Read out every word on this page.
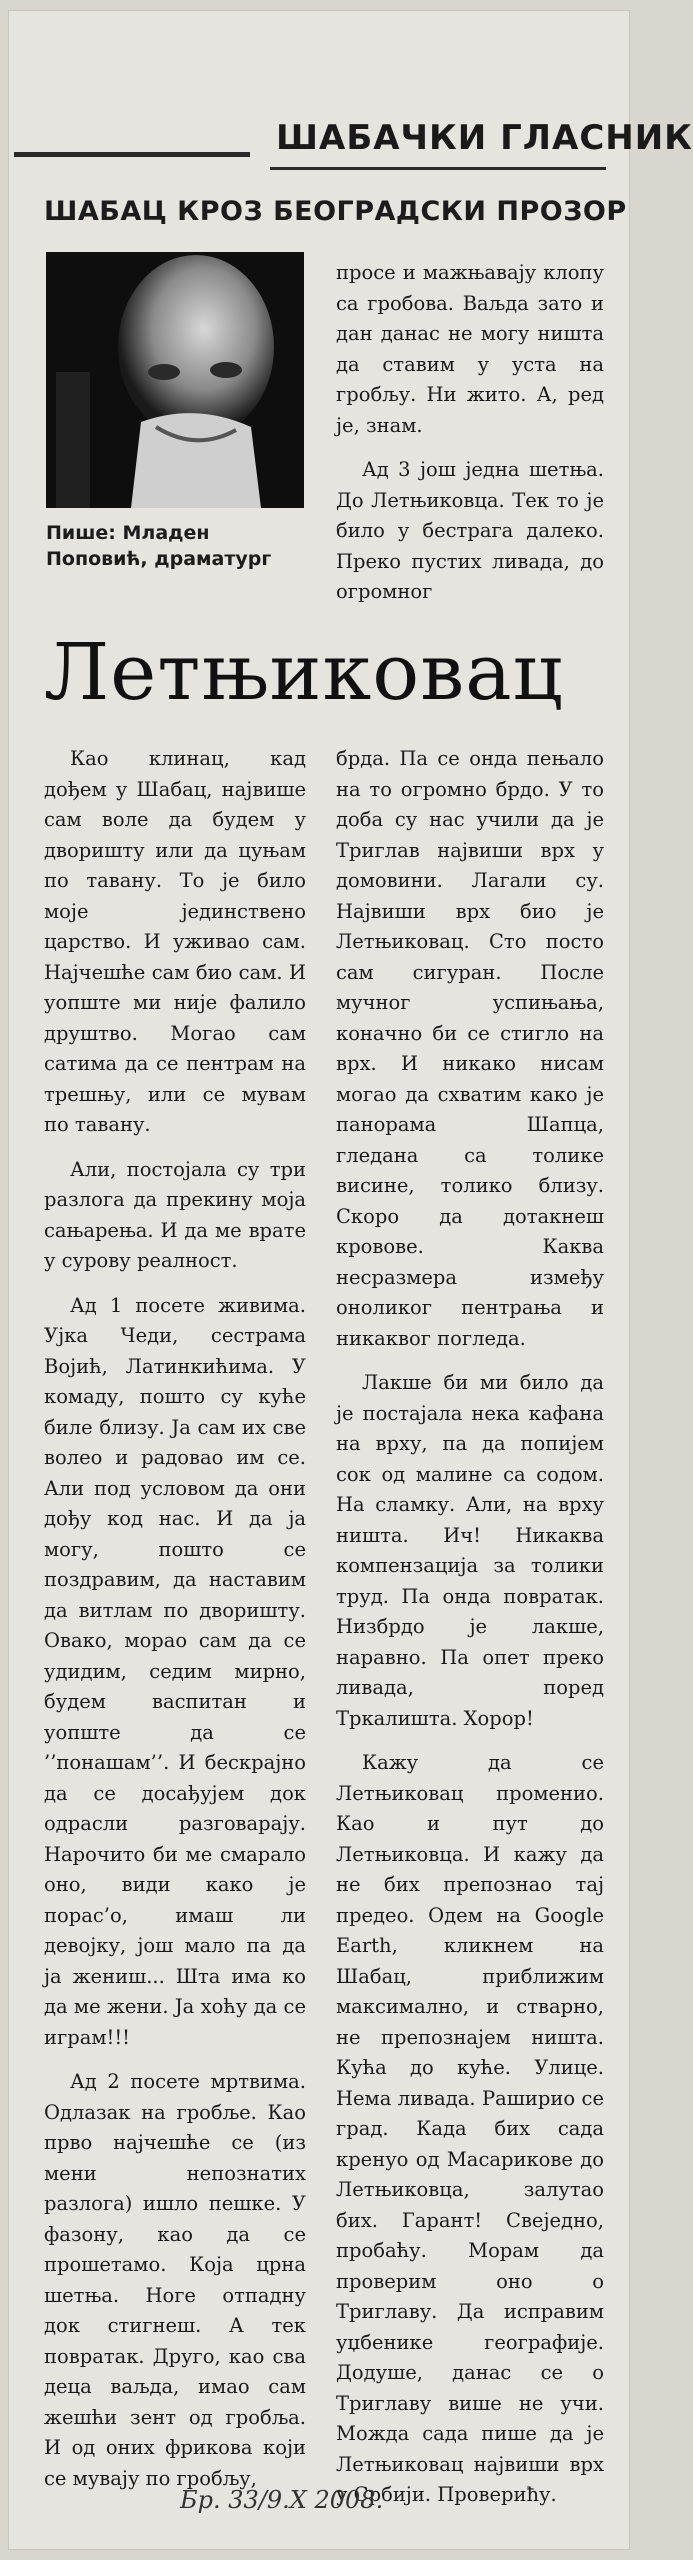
ШАБАЧКИ ГЛАСНИК
ШАБАЦ КРОЗ БЕОГРАДСКИ ПРОЗОР
Пише: Младен Поповић, драматург

просе и мажњавају клопу са гробова. Ваљда зато и дан данас не могу ништа да ставим у уста на гробљу. Ни жито. А, ред је, знам.

Ад 3 још једна шетња. До Летњиковца. Тек то је било у бестрага далеко. Преко пустих ливада, до огромног

Летњиковац

Као клинац, кад дођем у Шабац, највише сам воле да будем у дворишту или да цуњам по тавану. То је било моје јединствено царство. И уживао сам. Најчешће сам био сам. И уопште ми није фалило друштво. Могао сам сатима да се пентрам на трешњу, или се мувам по тавану.

Али, постојала су три разлога да прекину моја сањарења. И да ме врате у сурову реалност.

Ад 1 посете живима. Ујка Чеди, сестрама Војић, Латинкићима. У комаду, пошто су куће биле близу. Ја сам их све волео и радовао им се. Али под условом да они дођу код нас. И да ја могу, пошто се поздравим, да наставим да витлам по дворишту. Овако, морао сам да се удидим, седим мирно, будем васпитан и уопште да се ’’понашам’’. И бескрајно да се досађујем док одрасли разговарају. Нарочито би ме смарало оно, види како је порас’о, имаш ли девојку, још мало па да ја жениш... Шта има ко да ме жени. Ја хоћу да се играм!!!

Ад 2 посете мртвима. Одлазак на гробље. Као прво најчешће се (из мени непознатих разлога) ишло пешке. У фазону, као да се прошетамо. Која црна шетња. Ноге отпадну док стигнеш. А тек повратак. Друго, као сва деца ваљда, имао сам жешћи зент од гробља. И од оних фрикова који се мувају по гробљу,

брда. Па се онда пењало на то огромно брдо. У то доба су нас учили да је Триглав највиши врх у домовини. Лагали су. Највиши врх био је Летњиковац. Сто посто сам сигуран. После мучног успињања, коначно би се стигло на врх. И никако нисам могао да схватим како је панорама Шапца, гледана са толике висине, толико близу. Скоро да дотакнеш кровове. Каква несразмера између оноликог пентрања и никаквог погледа.

Лакше би ми било да је постајала нека кафана на врху, па да попијем сок од малине са содом. На сламку. Али, на врху ништа. Ич! Никаква компензација за толики труд. Па онда повратак. Низбрдо је лакше, наравно. Па опет преко ливада, поред Тркалишта. Хорор!

Кажу да се Летњиковац променио. Као и пут до Летњиковца. И кажу да не бих препознао тај предео. Одем на Google Earth, кликнем на Шабац, приближим максимално, и стварно, не препознајем ништа. Кућа до куће. Улице. Нема ливада. Раширио се град. Када бих сада кренуо од Масарикове до Летњиковца, залутао бих. Гарант! Свеједно, пробаћу. Морам да проверим оно о Триглаву. Да исправим уџбенике географије. Додуше, данас се о Триглаву више не учи. Можда сада пише да је Летњиковац највиши врх у Србији. Провериħу.

Бр. 33/9.X 2008.
